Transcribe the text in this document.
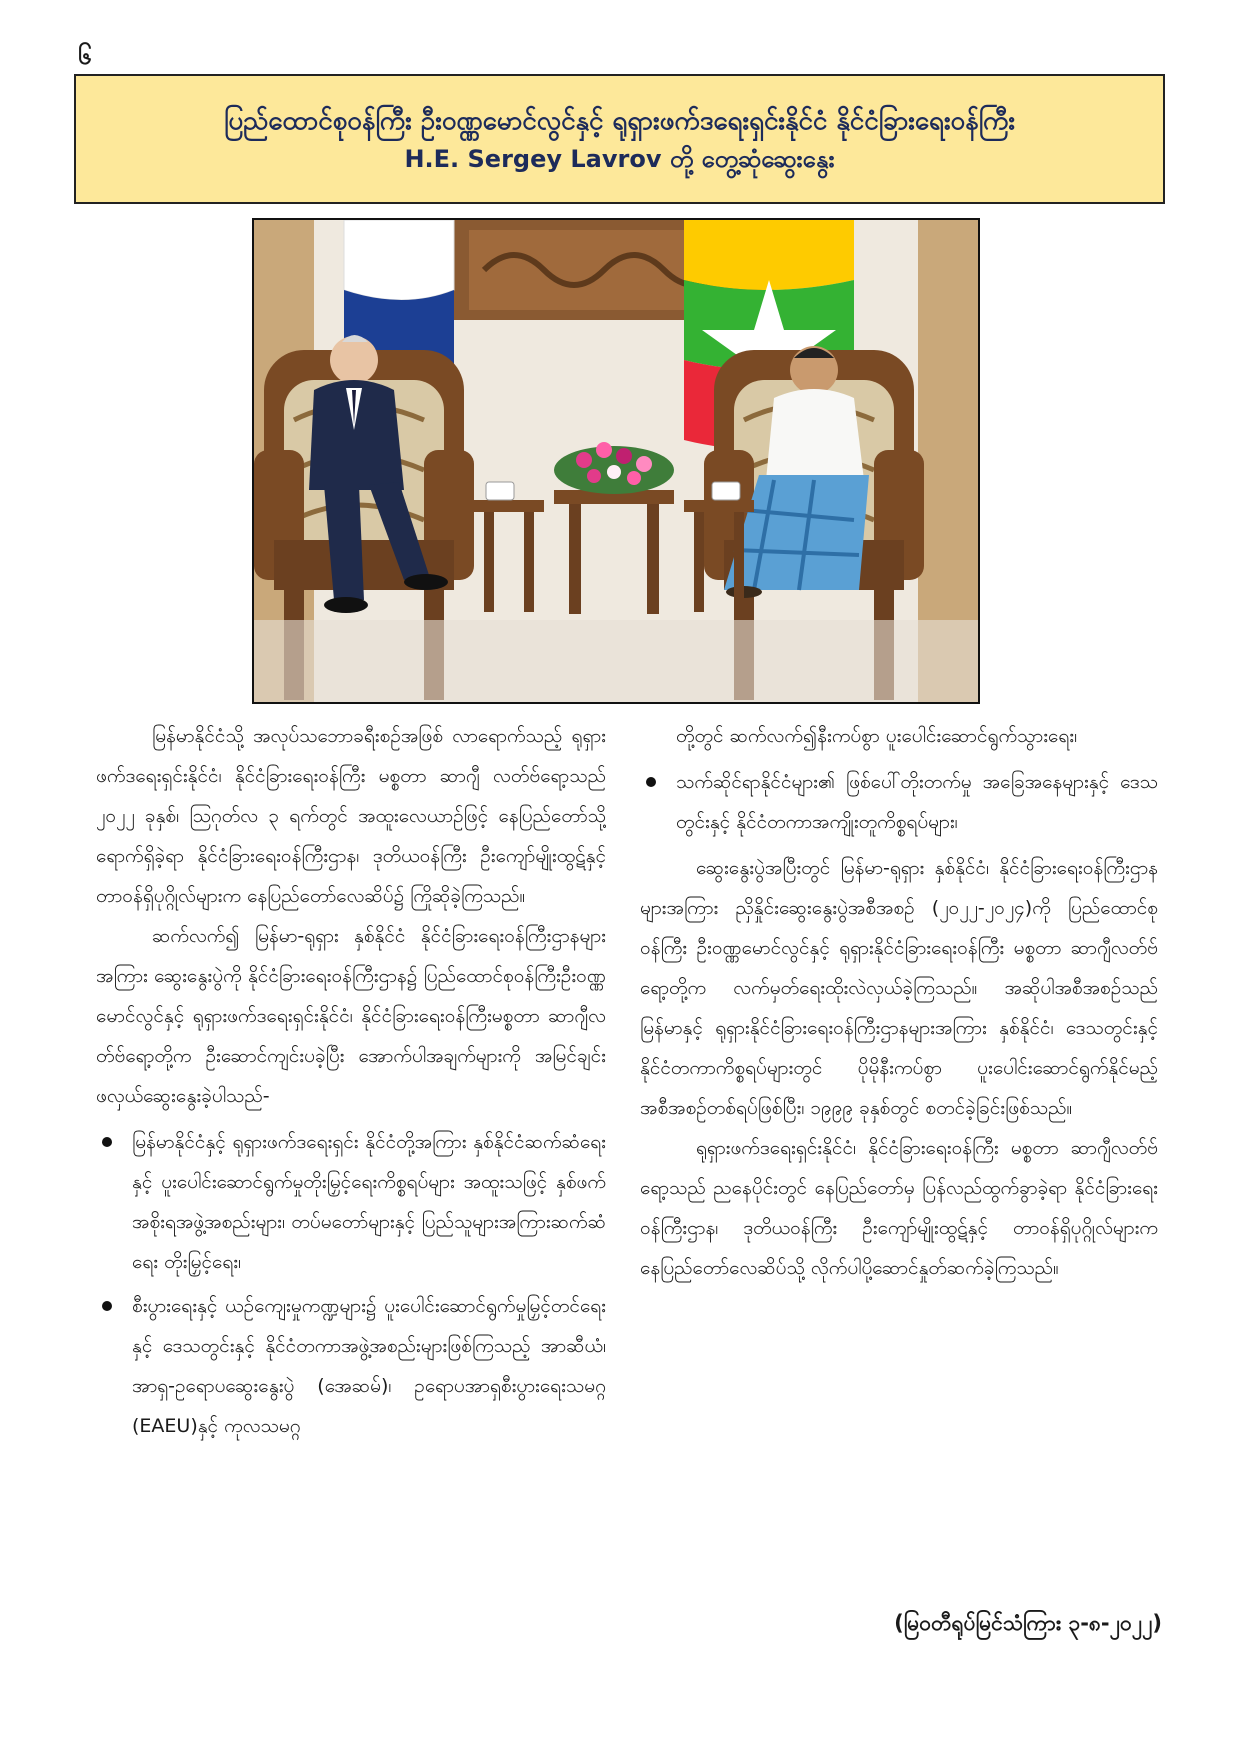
၆
ပြည်ထောင်စုဝန်ကြီး ဦးဝဏ္ဏမောင်လွင်နှင့် ရုရှားဖက်ဒရေးရှင်းနိုင်ငံ နိုင်ငံခြားရေးဝန်ကြီး
H.E. Sergey Lavrov တို့ တွေ့ဆုံဆွေးနွေး

မြန်မာနိုင်ငံသို့ အလုပ်သဘောခရီးစဉ်အဖြစ် လာရောက်သည့် ရုရှားဖက်ဒရေးရှင်းနိုင်ငံ၊ နိုင်ငံခြားရေးဝန်ကြီး မစ္စတာ ဆာဂျီ လတ်ဗ်ရော့သည် ၂၀၂၂ ခုနှစ်၊ ဩဂုတ်လ ၃ ရက်တွင် အထူးလေယာဉ်ဖြင့် နေပြည်တော်သို့ ရောက်ရှိခဲ့ရာ နိုင်ငံခြားရေးဝန်ကြီးဌာန၊ ဒုတိယဝန်ကြီး ဦးကျော်မျိုးထွဋ်နှင့် တာဝန်ရှိပုဂ္ဂိုလ်များက နေပြည်တော်လေဆိပ်၌ ကြိုဆိုခဲ့ကြသည်။

ဆက်လက်၍ မြန်မာ-ရုရှား နှစ်နိုင်ငံ နိုင်ငံခြားရေးဝန်ကြီးဌာနများအကြား ဆွေးနွေးပွဲကို နိုင်ငံခြားရေးဝန်ကြီးဌာန၌ ပြည်ထောင်စုဝန်ကြီးဦးဝဏ္ဏမောင်လွင်နှင့် ရုရှားဖက်ဒရေးရှင်းနိုင်ငံ၊ နိုင်ငံခြားရေးဝန်ကြီးမစ္စတာ ဆာဂျီလတ်ဗ်ရော့တို့က ဦးဆောင်ကျင်းပခဲ့ပြီး အောက်ပါအချက်များကို အမြင်ချင်းဖလှယ်ဆွေးနွေးခဲ့ပါသည်-

မြန်မာနိုင်ငံနှင့် ရုရှားဖက်ဒရေးရှင်း နိုင်ငံတို့အကြား နှစ်နိုင်ငံဆက်ဆံရေးနှင့် ပူးပေါင်းဆောင်ရွက်မှုတိုးမြှင့်ရေးကိစ္စရပ်များ အထူးသဖြင့် နှစ်ဖက်အစိုးရအဖွဲ့အစည်းများ၊ တပ်မတော်များနှင့် ပြည်သူများအကြားဆက်ဆံရေး တိုးမြှင့်ရေး၊
စီးပွားရေးနှင့် ယဉ်ကျေးမှုကဏ္ဍများ၌ ပူးပေါင်းဆောင်ရွက်မှုမြှင့်တင်ရေးနှင့် ဒေသတွင်းနှင့် နိုင်ငံတကာအဖွဲ့အစည်းများဖြစ်ကြသည့် အာဆီယံ၊ အာရှ-ဥရောပဆွေးနွေးပွဲ (အေဆမ်)၊ ဥရောပအာရှစီးပွားရေးသမဂ္ဂ (EAEU)နှင့် ကုလသမဂ္ဂ

တို့တွင် ဆက်လက်၍နီးကပ်စွာ ပူးပေါင်းဆောင်ရွက်သွားရေး၊

သက်ဆိုင်ရာနိုင်ငံများ၏ ဖြစ်ပေါ်တိုးတက်မှု အခြေအနေများနှင့် ဒေသတွင်းနှင့် နိုင်ငံတကာအကျိုးတူကိစ္စရပ်များ၊

ဆွေးနွေးပွဲအပြီးတွင် မြန်မာ-ရုရှား နှစ်နိုင်ငံ၊ နိုင်ငံခြားရေးဝန်ကြီးဌာနများအကြား ညှိနှိုင်းဆွေးနွေးပွဲအစီအစဉ် (၂၀၂၂-၂၀၂၄)ကို ပြည်ထောင်စုဝန်ကြီး ဦးဝဏ္ဏမောင်လွင်နှင့် ရုရှားနိုင်ငံခြားရေးဝန်ကြီး မစ္စတာ ဆာဂျီလတ်ဗ်ရော့တို့က လက်မှတ်ရေးထိုးလဲလှယ်ခဲ့ကြသည်။ အဆိုပါအစီအစဉ်သည် မြန်မာနှင့် ရုရှားနိုင်ငံခြားရေးဝန်ကြီးဌာနများအကြား နှစ်နိုင်ငံ၊ ဒေသတွင်းနှင့် နိုင်ငံတကာကိစ္စရပ်များတွင် ပိုမိုနီးကပ်စွာ ပူးပေါင်းဆောင်ရွက်နိုင်မည့် အစီအစဉ်တစ်ရပ်ဖြစ်ပြီး၊ ၁၉၉၉ ခုနှစ်တွင် စတင်ခဲ့ခြင်းဖြစ်သည်။

ရုရှားဖက်ဒရေးရှင်းနိုင်ငံ၊ နိုင်ငံခြားရေးဝန်ကြီး မစ္စတာ ဆာဂျီလတ်ဗ်ရော့သည် ညနေပိုင်းတွင် နေပြည်တော်မှ ပြန်လည်ထွက်ခွာခဲ့ရာ နိုင်ငံခြားရေးဝန်ကြီးဌာန၊ ဒုတိယဝန်ကြီး ဦးကျော်မျိုးထွဋ်နှင့် တာဝန်ရှိပုဂ္ဂိုလ်များက နေပြည်တော်လေဆိပ်သို့ လိုက်ပါပို့ဆောင်နှုတ်ဆက်ခဲ့ကြသည်။

(မြဝတီရုပ်မြင်သံကြား ၃-၈-၂၀၂၂)
